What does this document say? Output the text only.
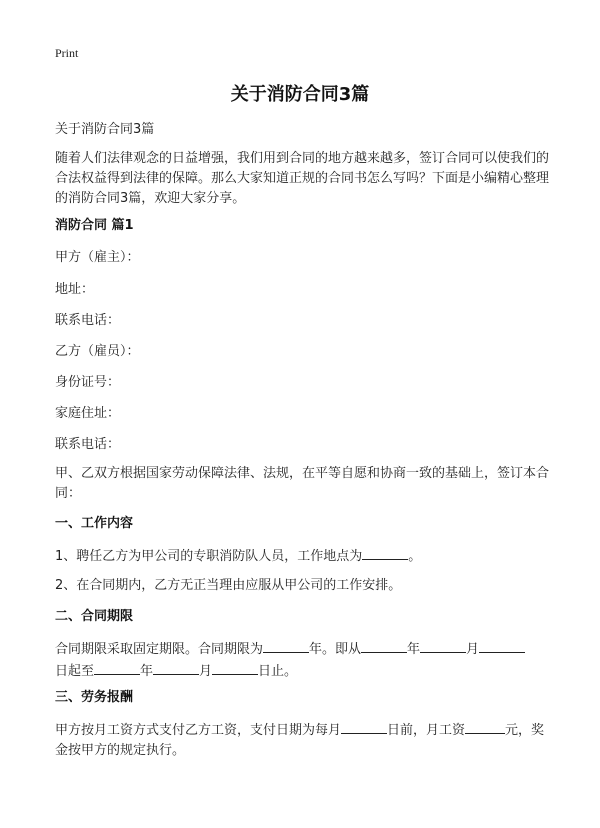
Print
关于消防合同3篇
关于消防合同3篇
随着人们法律观念的日益增强，我们用到合同的地方越来越多，签订合同可以使我们的合法权益得到法律的保障。那么大家知道正规的合同书怎么写吗？下面是小编精心整理的消防合同3篇，欢迎大家分享。
消防合同 篇1
甲方（雇主）：
地址：
联系电话：
乙方（雇员）：
身份证号：
家庭住址：
联系电话：
甲、乙双方根据国家劳动保障法律、法规，在平等自愿和协商一致的基础上，签订本合同：
一、工作内容
1、聘任乙方为甲公司的专职消防队人员，工作地点为	。
2、在合同期内，乙方无正当理由应服从甲公司的工作安排。
二、合同期限
合同期限采取固定期限。合同期限为	年。即从	年	月
日起至	年	月	日止。
三、劳务报酬
甲方按月工资方式支付乙方工资，支付日期为每月	日前，月工资	元，奖金按甲方的规定执行。
